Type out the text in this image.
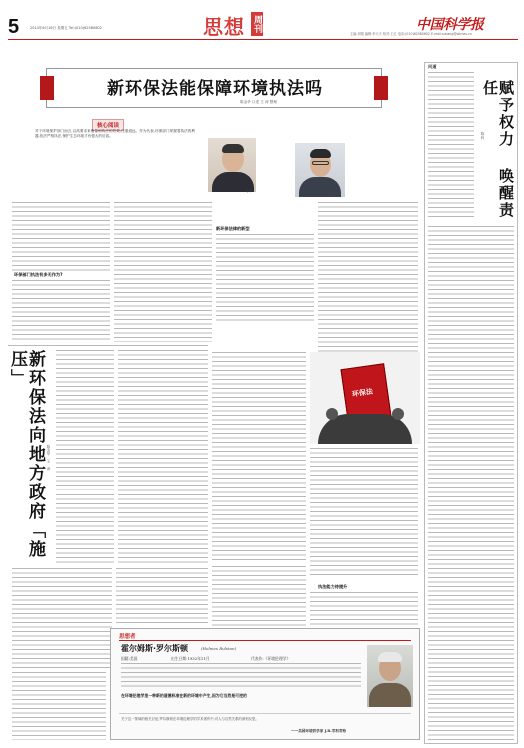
5	2014年6月16日 星期五 Tel:(010)62580602	思想 周刊	中国科学报
主编:邓刚 编辑:李天天 校对:王红 电话:(010)62580602 E-mail:sixiang@stimes.cn
新环保法能保障环境执法吗
陈金华 口述 王 涛 整理
核心阅读
对于环境保护部门而言,以高要求来衡量和执法的效果,任重道远。作为代表,环保部门掌握着执法的利器,依法严格执法,保护生态环境才有强大的后盾。
马中
熊腾青
环保部门执法有多无作为?
新环保法律的新型
新环保法向地方政府「施压」
陈金华 王 涛
环保法
执法能力待提升
问道
赋予权力 唤醒责任
陈科
思想者
霍尔姆斯·罗尔斯顿	(Holmes Rolston)
国籍:美国	出生日期:1932年11月	代表作:《环境伦理学》
在环境伦理学里一种新的道德标准在新的环境中产生,因为它当然是可逆的
关于这一领域的相关讨论,罗尔斯顿在环境伦理学的学术著作中,对人与自然关系的深刻反思。
——美国环境哲学家 J.B.考利考特
